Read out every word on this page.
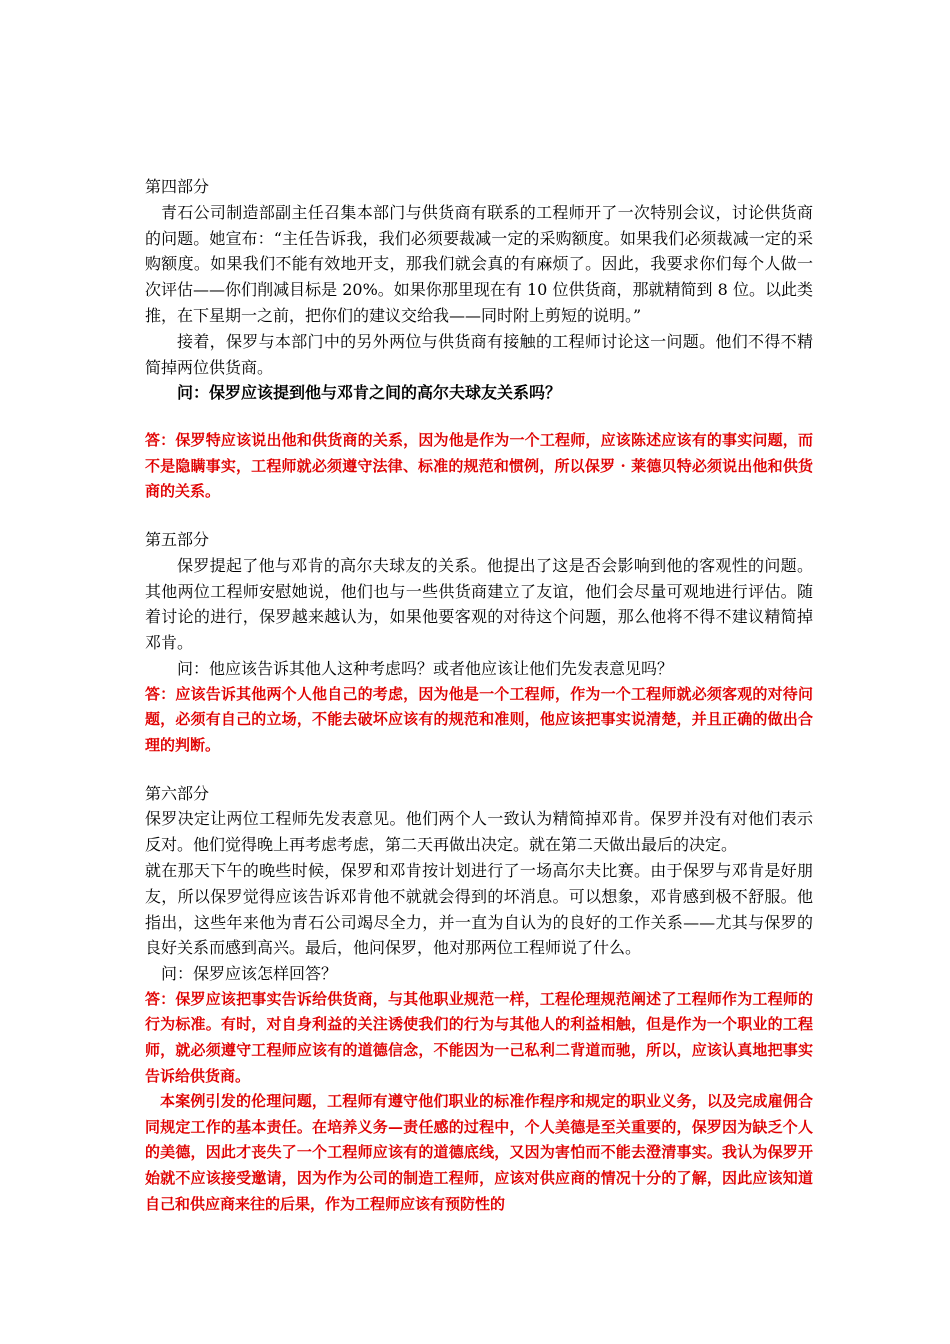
第四部分

青石公司制造部副主任召集本部门与供货商有联系的工程师开了一次特别会议，讨论供货商的问题。她宣布：“主任告诉我，我们必须要裁减一定的采购额度。如果我们必须裁减一定的采购额度。如果我们不能有效地开支，那我们就会真的有麻烦了。因此，我要求你们每个人做一次评估——你们削减目标是 20%。如果你那里现在有 10 位供货商，那就精简到 8 位。以此类推，在下星期一之前，把你们的建议交给我——同时附上剪短的说明。”

接着，保罗与本部门中的另外两位与供货商有接触的工程师讨论这一问题。他们不得不精简掉两位供货商。

问：保罗应该提到他与邓肯之间的高尔夫球友关系吗？

答：保罗特应该说出他和供货商的关系，因为他是作为一个工程师，应该陈述应该有的事实问题，而不是隐瞒事实，工程师就必须遵守法律、标准的规范和惯例，所以保罗 · 莱德贝特必须说出他和供货商的关系。

第五部分

保罗提起了他与邓肯的高尔夫球友的关系。他提出了这是否会影响到他的客观性的问题。其他两位工程师安慰她说，他们也与一些供货商建立了友谊，他们会尽量可观地进行评估。随着讨论的进行，保罗越来越认为，如果他要客观的对待这个问题，那么他将不得不建议精简掉邓肯。

问：他应该告诉其他人这种考虑吗？或者他应该让他们先发表意见吗？

答：应该告诉其他两个人他自己的考虑，因为他是一个工程师，作为一个工程师就必须客观的对待问题，必须有自己的立场，不能去破坏应该有的规范和准则，他应该把事实说清楚，并且正确的做出合理的判断。

第六部分

保罗决定让两位工程师先发表意见。他们两个人一致认为精简掉邓肯。保罗并没有对他们表示反对。他们觉得晚上再考虑考虑，第二天再做出决定。就在第二天做出最后的决定。

就在那天下午的晚些时候，保罗和邓肯按计划进行了一场高尔夫比赛。由于保罗与邓肯是好朋友，所以保罗觉得应该告诉邓肯他不就就会得到的坏消息。可以想象，邓肯感到极不舒服。他指出，这些年来他为青石公司竭尽全力，并一直为自认为的良好的工作关系——尤其与保罗的良好关系而感到高兴。最后，他问保罗，他对那两位工程师说了什么。

问：保罗应该怎样回答？

答：保罗应该把事实告诉给供货商，与其他职业规范一样，工程伦理规范阐述了工程师作为工程师的行为标准。有时，对自身利益的关注诱使我们的行为与其他人的利益相触，但是作为一个职业的工程师，就必须遵守工程师应该有的道德信念，不能因为一己私利二背道而驰，所以，应该认真地把事实告诉给供货商。

本案例引发的伦理问题，工程师有遵守他们职业的标准作程序和规定的职业义务，以及完成雇佣合同规定工作的基本责任。在培养义务—责任感的过程中，个人美德是至关重要的，保罗因为缺乏个人的美德，因此才丧失了一个工程师应该有的道德底线，又因为害怕而不能去澄清事实。我认为保罗开始就不应该接受邀请，因为作为公司的制造工程师，应该对供应商的情况十分的了解，因此应该知道自己和供应商来往的后果，作为工程师应该有预防性的
